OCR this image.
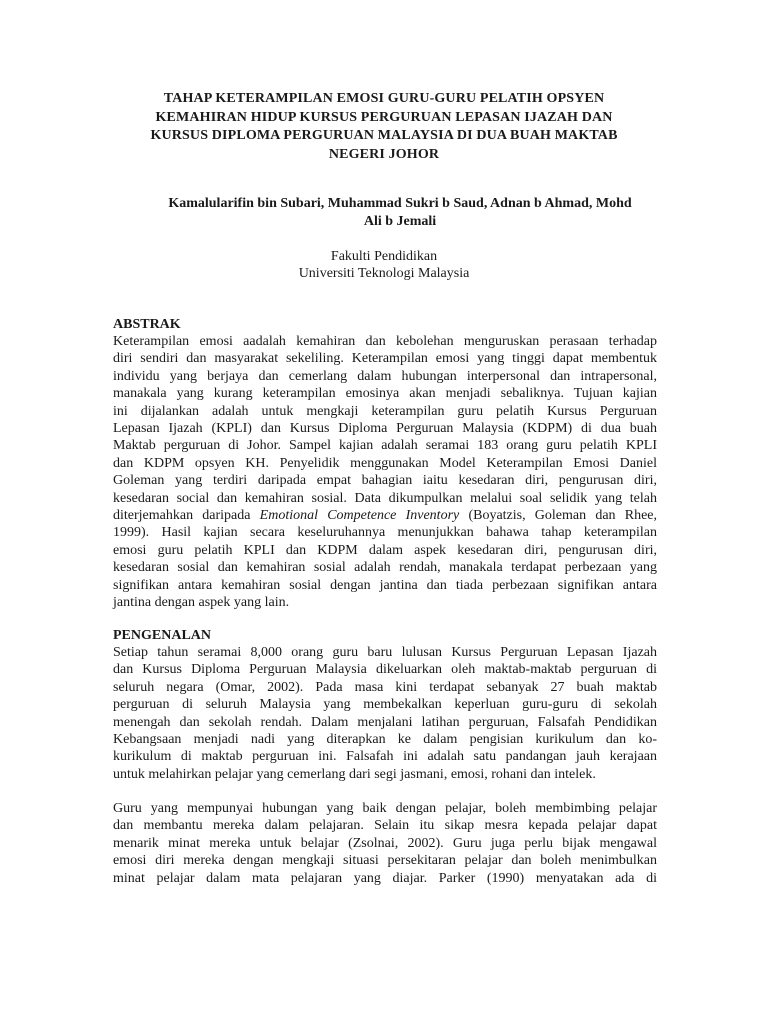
TAHAP KETERAMPILAN EMOSI GURU-GURU PELATIH OPSYEN
KEMAHIRAN HIDUP KURSUS PERGURUAN LEPASAN IJAZAH DAN
KURSUS DIPLOMA PERGURUAN MALAYSIA DI DUA BUAH MAKTAB
NEGERI JOHOR

Kamalularifin bin Subari, Muhammad Sukri b Saud, Adnan b Ahmad, Mohd
Ali b Jemali

Fakulti Pendidikan
Universiti Teknologi Malaysia
ABSTRAK
Keterampilan emosi aadalah kemahiran dan kebolehan menguruskan perasaan terhadap
diri sendiri dan masyarakat sekeliling. Keterampilan emosi yang tinggi dapat membentuk
individu yang berjaya dan cemerlang dalam hubungan interpersonal dan intrapersonal,
manakala yang kurang keterampilan emosinya akan menjadi sebaliknya. Tujuan kajian
ini dijalankan adalah untuk mengkaji keterampilan guru pelatih Kursus Perguruan
Lepasan Ijazah (KPLI) dan Kursus Diploma Perguruan Malaysia (KDPM) di dua buah
Maktab perguruan di Johor. Sampel kajian adalah seramai 183 orang guru pelatih KPLI
dan KDPM opsyen KH. Penyelidik menggunakan Model Keterampilan Emosi Daniel
Goleman yang terdiri daripada empat bahagian iaitu kesedaran diri, pengurusan diri,
kesedaran social dan kemahiran sosial. Data dikumpulkan melalui soal selidik yang telah
diterjemahkan daripada Emotional Competence Inventory (Boyatzis, Goleman dan Rhee,
1999). Hasil kajian secara keseluruhannya menunjukkan bahawa tahap keterampilan
emosi guru pelatih KPLI dan KDPM dalam aspek kesedaran diri, pengurusan diri,
kesedaran sosial dan kemahiran sosial adalah rendah, manakala terdapat perbezaan yang
signifikan antara kemahiran sosial dengan jantina dan tiada perbezaan signifikan antara
jantina dengan aspek yang lain.
PENGENALAN
Setiap tahun seramai 8,000 orang guru baru lulusan Kursus Perguruan Lepasan Ijazah
dan Kursus Diploma Perguruan Malaysia dikeluarkan oleh maktab-maktab perguruan di
seluruh negara (Omar, 2002). Pada masa kini terdapat sebanyak 27 buah maktab
perguruan di seluruh Malaysia yang membekalkan keperluan guru-guru di sekolah
menengah dan sekolah rendah. Dalam menjalani latihan perguruan, Falsafah Pendidikan
Kebangsaan menjadi nadi yang diterapkan ke dalam pengisian kurikulum dan ko-
kurikulum di maktab perguruan ini. Falsafah ini adalah satu pandangan jauh kerajaan
untuk melahirkan pelajar yang cemerlang dari segi jasmani, emosi, rohani dan intelek.
Guru yang mempunyai hubungan yang baik dengan pelajar, boleh membimbing pelajar
dan membantu mereka dalam pelajaran. Selain itu sikap mesra kepada pelajar dapat
menarik minat mereka untuk belajar (Zsolnai, 2002). Guru juga perlu bijak mengawal
emosi diri mereka dengan mengkaji situasi persekitaran pelajar dan boleh menimbulkan
minat pelajar dalam mata pelajaran yang diajar. Parker (1990) menyatakan ada di
